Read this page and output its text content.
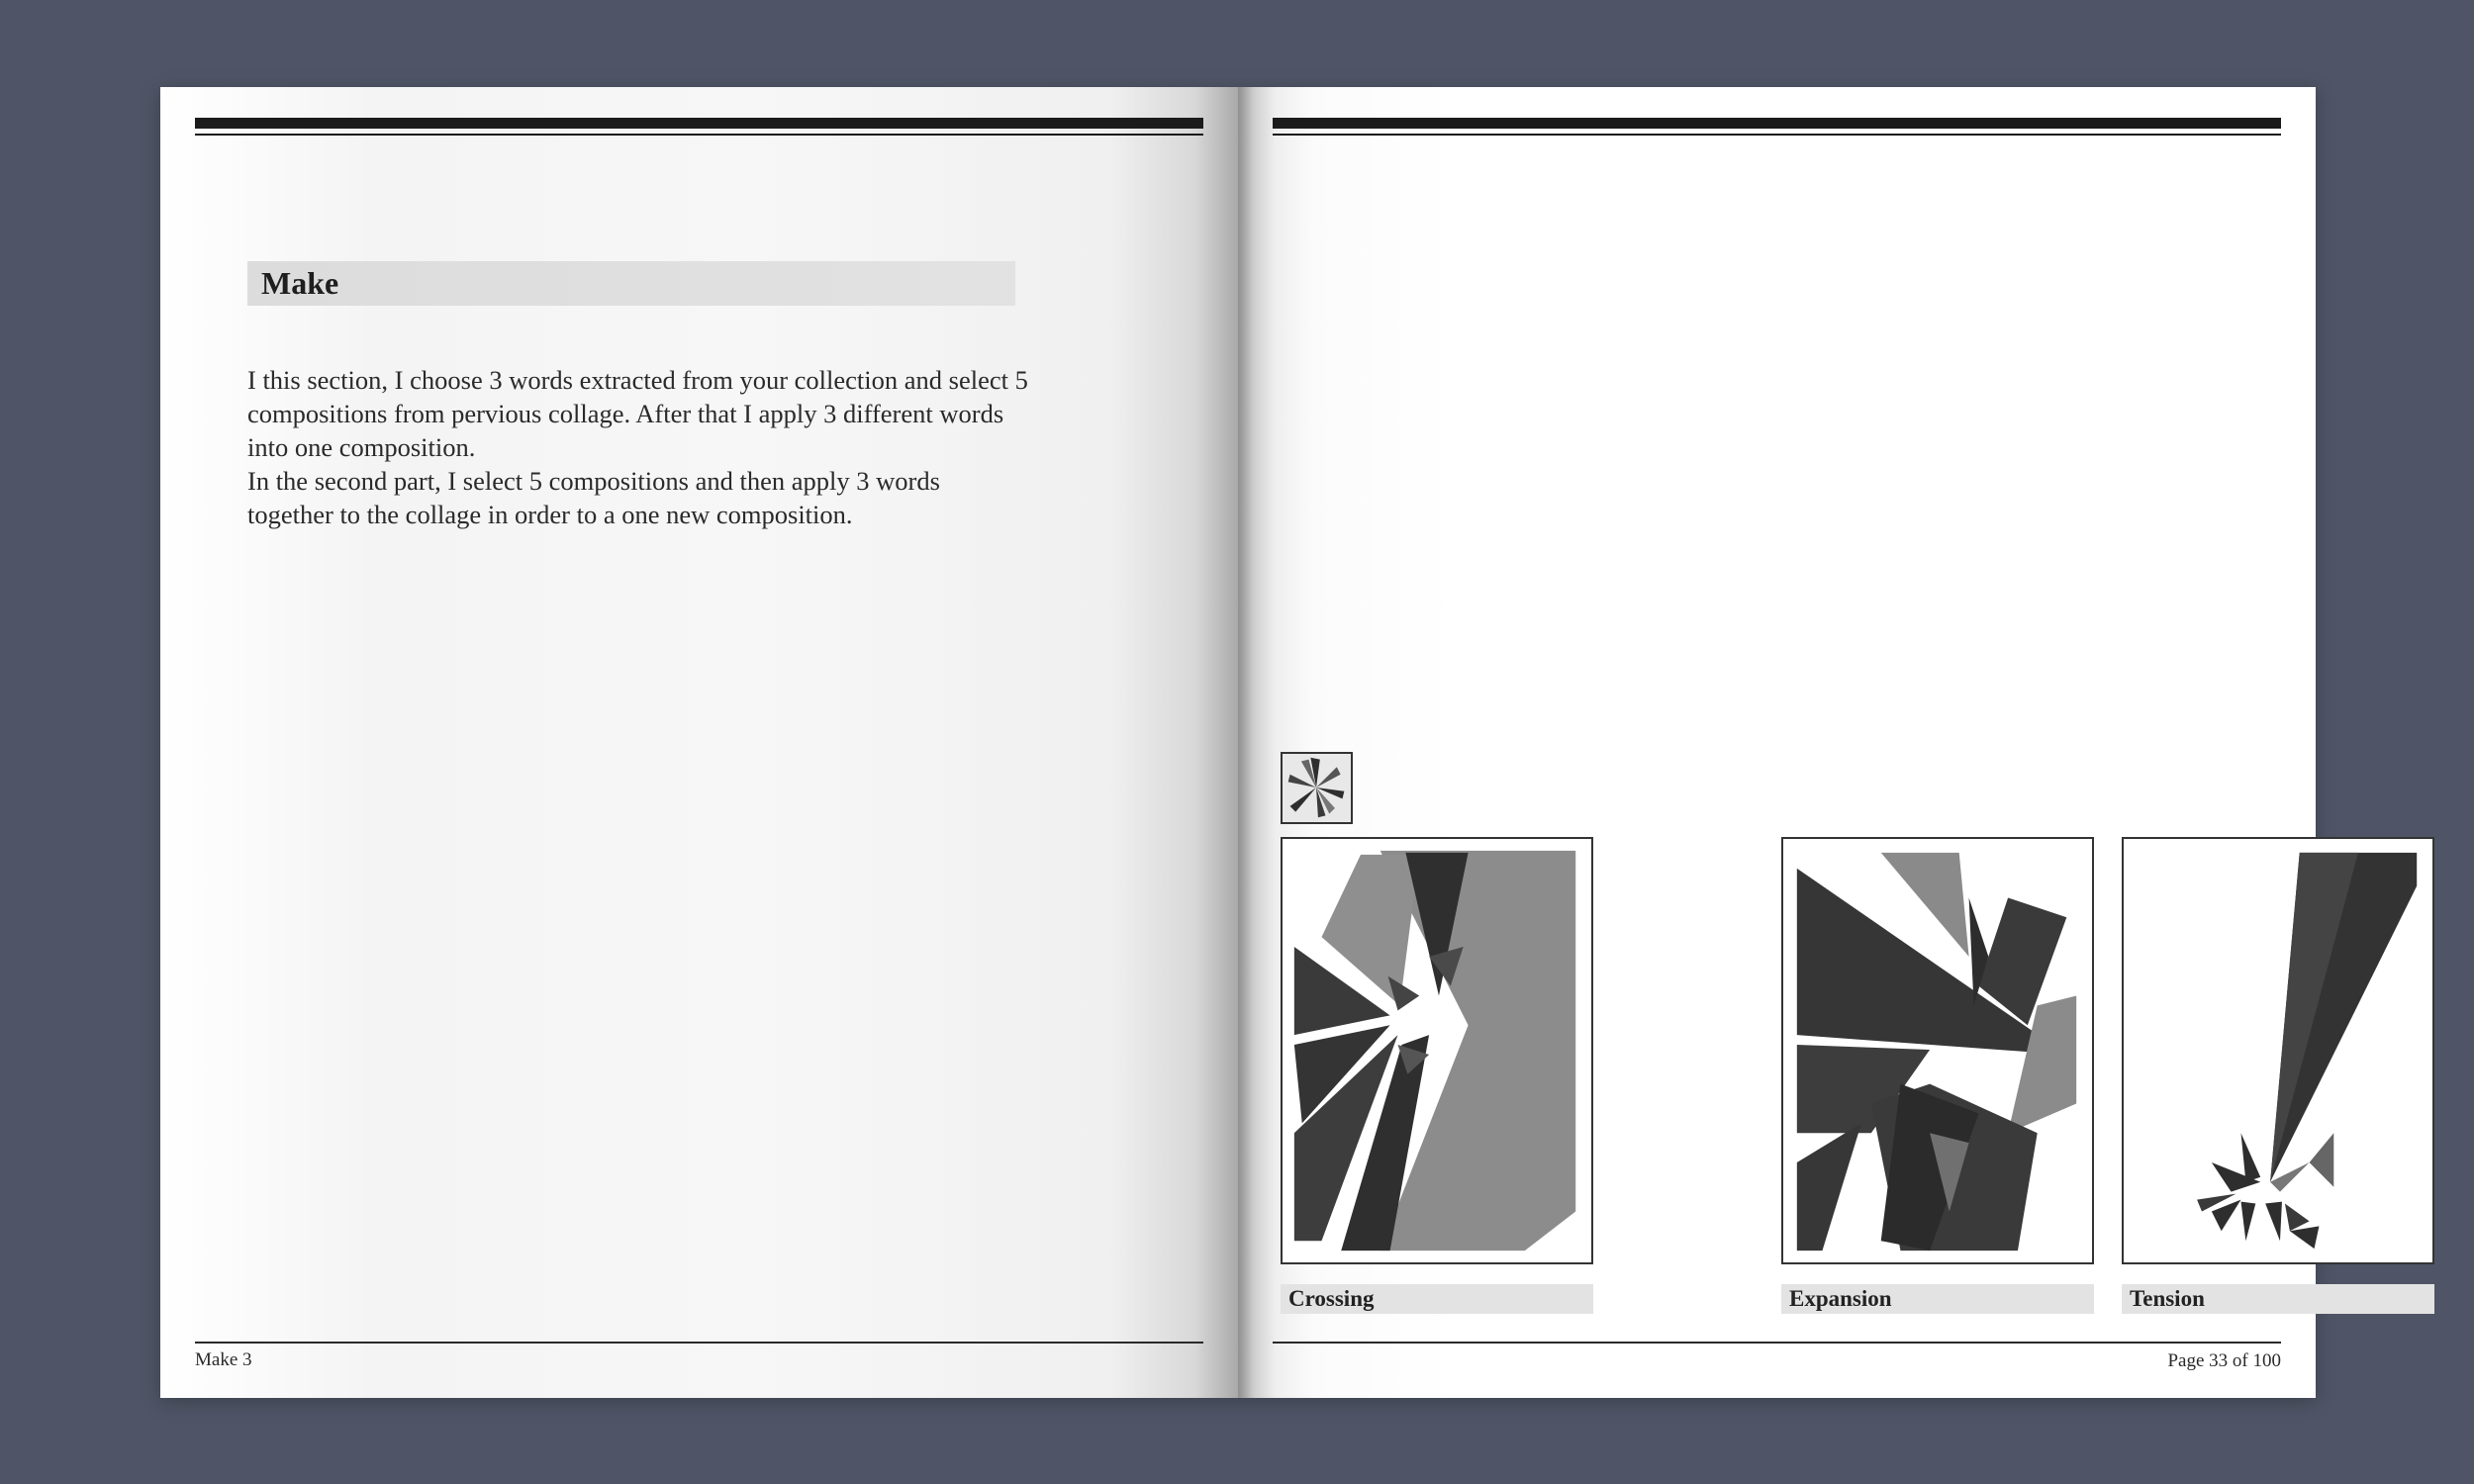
Make

I this section, I choose 3 words extracted from your collection and select 5 compositions from pervious collage. After that I apply 3 different words into one composition.

In the second part, I select 5 compositions and then apply 3 words together to the collage in order to a one new composition.

Make 3	Page 33 of 100
Crossing	Expansion	Tension
